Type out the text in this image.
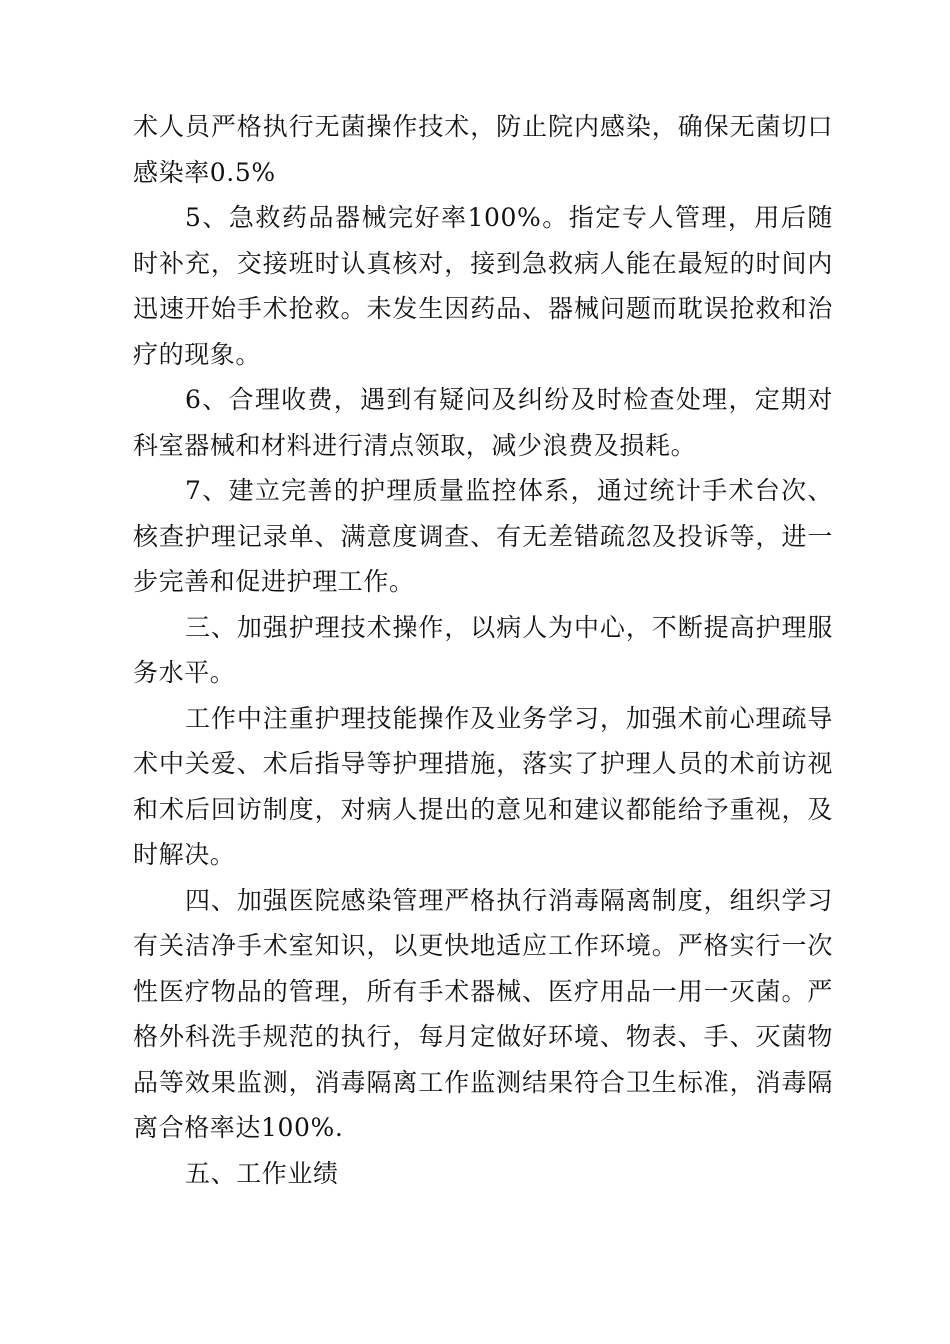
术人员严格执行无菌操作技术，防止院内感染，确保无菌切口感染率0.5%

5、急救药品器械完好率100%。指定专人管理，用后随时补充，交接班时认真核对，接到急救病人能在最短的时间内迅速开始手术抢救。未发生因药品、器械问题而耽误抢救和治疗的现象。

6、合理收费，遇到有疑问及纠纷及时检查处理，定期对科室器械和材料进行清点领取，减少浪费及损耗。

7、建立完善的护理质量监控体系，通过统计手术台次、核查护理记录单、满意度调查、有无差错疏忽及投诉等，进一步完善和促进护理工作。

三、加强护理技术操作，以病人为中心，不断提高护理服务水平。

工作中注重护理技能操作及业务学习，加强术前心理疏导术中关爱、术后指导等护理措施，落实了护理人员的术前访视和术后回访制度，对病人提出的意见和建议都能给予重视，及时解决。

四、加强医院感染管理严格执行消毒隔离制度，组织学习有关洁净手术室知识，以更快地适应工作环境。严格实行一次性医疗物品的管理，所有手术器械、医疗用品一用一灭菌。严格外科洗手规范的执行，每月定做好环境、物表、手、灭菌物品等效果监测，消毒隔离工作监测结果符合卫生标准，消毒隔离合格率达100%.

五、工作业绩
